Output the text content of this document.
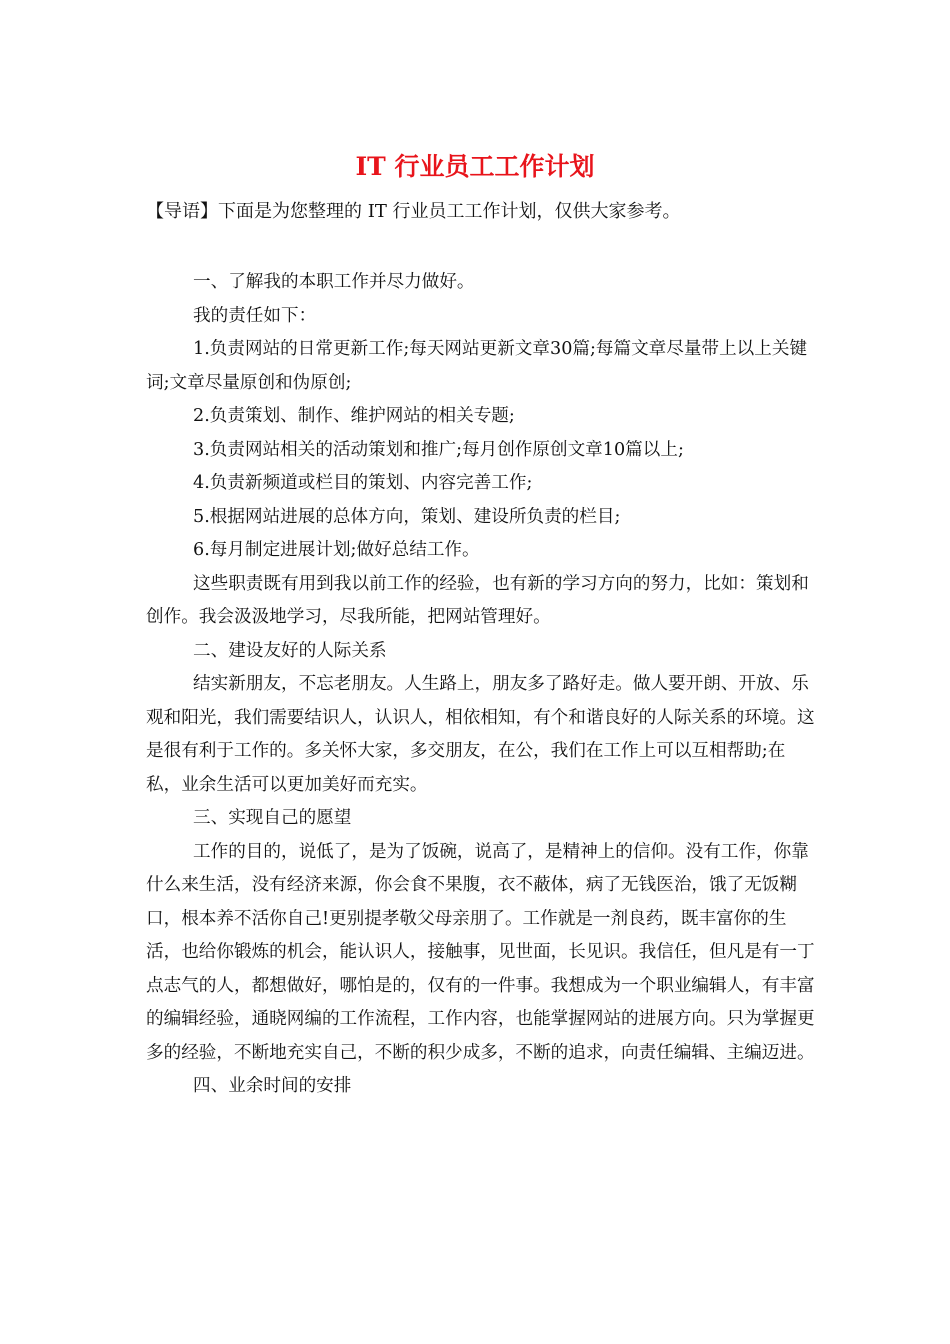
IT 行业员工工作计划
【导语】下面是为您整理的 IT 行业员工工作计划，仅供大家参考。

一、了解我的本职工作并尽力做好。

我的责任如下：

1.负责网站的日常更新工作;每天网站更新文章30篇;每篇文章尽量带上以上关键词;文章尽量原创和伪原创;

2.负责策划、制作、维护网站的相关专题;

3.负责网站相关的活动策划和推广;每月创作原创文章10篇以上;

4.负责新频道或栏目的策划、内容完善工作;

5.根据网站进展的总体方向，策划、建设所负责的栏目;

6.每月制定进展计划;做好总结工作。

这些职责既有用到我以前工作的经验，也有新的学习方向的努力，比如：策划和创作。我会汲汲地学习，尽我所能，把网站管理好。

二、建设友好的人际关系

结实新朋友，不忘老朋友。人生路上，朋友多了路好走。做人要开朗、开放、乐观和阳光，我们需要结识人，认识人，相依相知，有个和谐良好的人际关系的环境。这是很有利于工作的。多关怀大家，多交朋友，在公，我们在工作上可以互相帮助;在私，业余生活可以更加美好而充实。

三、实现自己的愿望

工作的目的，说低了，是为了饭碗，说高了，是精神上的信仰。没有工作，你靠什么来生活，没有经济来源，你会食不果腹，衣不蔽体，病了无钱医治，饿了无饭糊口，根本养不活你自己!更别提孝敬父母亲朋了。工作就是一剂良药，既丰富你的生活，也给你锻炼的机会，能认识人，接触事，见世面，长见识。我信任，但凡是有一丁点志气的人，都想做好，哪怕是的，仅有的一件事。我想成为一个职业编辑人，有丰富的编辑经验，通晓网编的工作流程，工作内容，也能掌握网站的进展方向。只为掌握更多的经验，不断地充实自己，不断的积少成多，不断的追求，向责任编辑、主编迈进。

四、业余时间的安排
